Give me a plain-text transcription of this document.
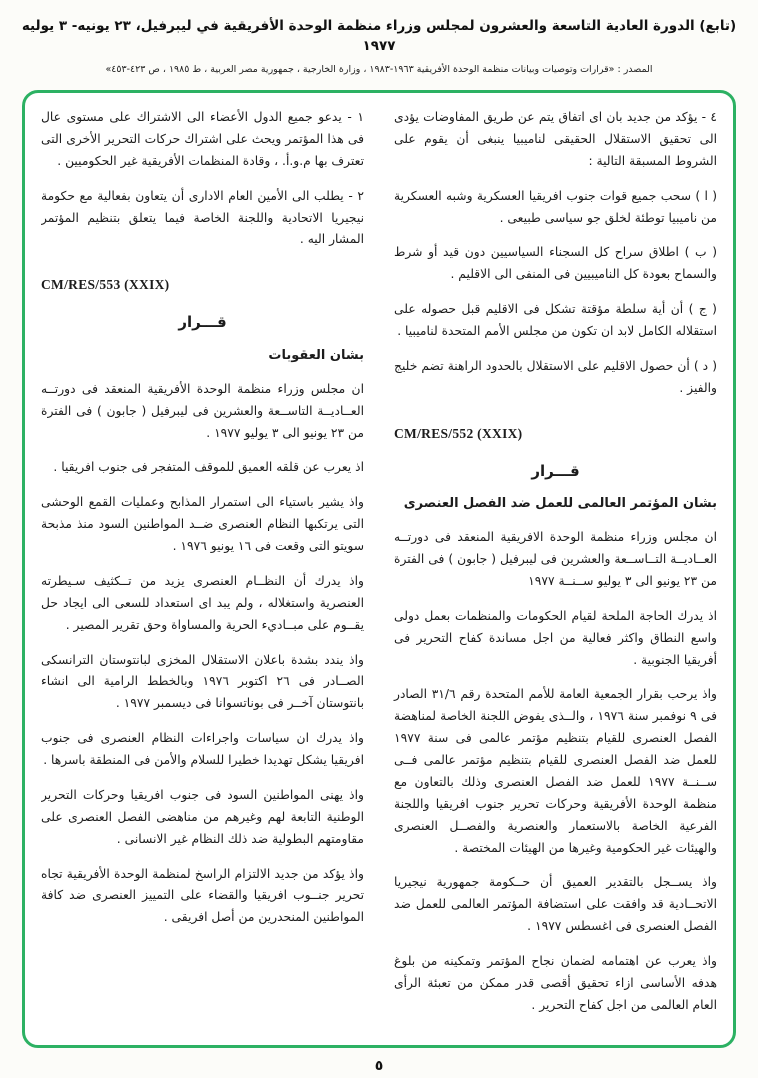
(تابع) الدورة العادية التاسعة والعشرون لمجلس وزراء منظمة الوحدة الأفريقية في ليبرفيل، ٢٣ يونيه- ٣ يوليه ١٩٧٧
المصدر : «قرارات وتوصيات وبيانات منظمة الوحدة الأفريقية ١٩٦٣-١٩٨٣ ، وزارة الخارجية ، جمهورية مصر العربية ، ط ١٩٨٥ ، ص ٤٢٣-٤٥٣»

٤ - يؤكد من جديد بان اى اتفاق يتم عن طريق المفاوضات يؤدى الى تحقيق الاستقلال الحقيقى لناميبيا ينبغى أن يقوم على الشروط المسبقة التالية :

( ا ) سحب جميع قوات جنوب افريقيا العسكرية وشبه العسكرية من ناميبيا توطئة لخلق جو سياسى طبيعى .

( ب ) اطلاق سراح كل السجناء السياسيين دون قيد أو شرط والسماح بعودة كل الناميبيين فى المنفى الى الاقليم .

( ج ) أن أية سلطة مؤقتة تشكل فى الاقليم قبل حصوله على استقلاله الكامل لابد ان تكون من مجلس الأمم المتحدة لناميبيا .

( د ) أن حصول الاقليم على الاستقلال بالحدود الراهنة تضم خليج والفيز .

CM/RES/552 (XXIX)
قـــرار
بشان المؤتمر العالمى للعمل ضد الفصل العنصرى

ان مجلس وزراء منظمة الوحدة الافريقية المنعقد فى دورتــه العــاديــة التــاســعة والعشرين فى ليبرفيل ( جابون ) فى الفترة من ٢٣ يونيو الى ٣ يوليو ســنــة ١٩٧٧

اذ يدرك الحاجة الملحة لقيام الحكومات والمنظمات بعمل دولى واسع النطاق واكثر فعالية من اجل مساندة كفاح التحرير فى أفريقيا الجنوبية .

واذ يرحب بقرار الجمعية العامة للأمم المتحدة رقم ٣١/٦ الصادر فى ٩ نوفمبر سنة ١٩٧٦ ، والــذى يفوض اللجنة الخاصة لمناهضة الفصل العنصرى للقيام بتنظيم مؤتمر عالمى فى سنة ١٩٧٧ للعمل ضد الفصل العنصرى للقيام بتنظيم مؤتمر عالمى فــى ســنــة ١٩٧٧ للعمل ضد الفصل العنصرى وذلك بالتعاون مع منظمة الوحدة الأفريقية وحركات تحرير جنوب افريقيا واللجنة الفرعية الخاصة بالاستعمار والعنصرية والفصــل العنصرى والهيئات غير الحكومية وغيرها من الهيئات المختصة .

واذ يســجل بالتقدير العميق أن حــكومة جمهورية نيجيريا الاتحــادية قد وافقت على استضافة المؤتمر العالمى للعمل ضد الفصل العنصرى فى اغسطس ١٩٧٧ .

واذ يعرب عن اهتمامه لضمان نجاح المؤتمر وتمكينه من بلوغ هدفه الأساسى ازاء تحقيق أقصى قدر ممكن من تعبئة الرأى العام العالمى من اجل كفاح التحرير .

١ - يدعو جميع الدول الأعضاء الى الاشتراك على مستوى عال فى هذا المؤتمر ويحث على اشتراك حركات التحرير الأخرى التى تعترف بها م.و.أ. ، وقادة المنظمات الأفريقية غير الحكوميين .

٢ - يطلب الى الأمين العام الادارى أن يتعاون بفعالية مع حكومة نيجيريا الاتحادية واللجنة الخاصة فيما يتعلق بتنظيم المؤتمر المشار اليه .

CM/RES/553 (XXIX)
قـــرار
بشان العقوبات

ان مجلس وزراء منظمة الوحدة الأفريقية المنعقد فى دورتــه العــاديــة التاســعة والعشرين فى ليبرفيل ( جابون ) فى الفترة من ٢٣ يونيو الى ٣ يوليو ١٩٧٧ .

اذ يعرب عن قلقه العميق للموقف المتفجر فى جنوب افريقيا .

واذ يشير باستياء الى استمرار المذابح وعمليات القمع الوحشى التى يرتكبها النظام العنصرى ضــد المواطنين السود منذ مذبحة سويتو التى وقعت فى ١٦ يونيو ١٩٧٦ .

واذ يدرك أن النظــام العنصرى يزيد من تــكثيف سـيطرته العنصرية واستغلاله ، ولم يبد اى استعداد للسعى الى ايجاد حل يقــوم على مبــاديء الحرية والمساواة وحق تقرير المصير .

واذ يندد بشدة باعلان الاستقلال المخزى لبانتوستان الترانسكى الصــادر فى ٢٦ اكتوبر ١٩٧٦ وبالخطط الرامية الى انشاء بانتوستان آخــر فى بوناتسوانا فى ديسمبر ١٩٧٧ .

واذ يدرك ان سياسات واجراءات النظام العنصرى فى جنوب افريقيا يشكل تهديدا خطيرا للسلام والأمن فى المنطقة باسرها .

واذ يهنى المواطنين السود فى جنوب افريقيا وحركات التحرير الوطنية التابعة لهم وغيرهم من مناهضى الفصل العنصرى على مقاومتهم البطولية ضد ذلك النظام غير الانسانى .

واذ يؤكد من جديد الالتزام الراسخ لمنظمة الوحدة الأفريقية تجاه تحرير جنــوب افريقيا والقضاء على التمييز العنصرى ضد كافة المواطنين المنحدرين من أصل افريقى .

٥
